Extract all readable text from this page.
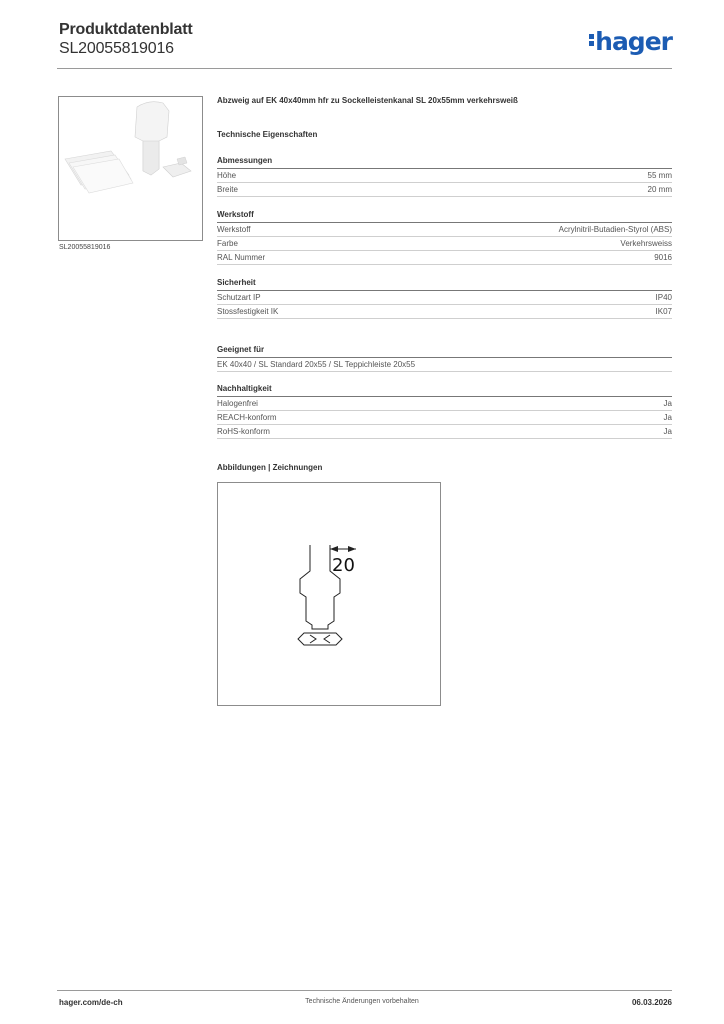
Produktdatenblatt
SL20055819016	hager
SL20055819016
Abzweig auf EK 40x40mm hfr zu Sockelleistenkanal SL 20x55mm verkehrsweiß
Technische Eigenschaften
Abmessungen
Höhe	55 mm
Breite	20 mm
Werkstoff
Werkstoff	Acrylnitril-Butadien-Styrol (ABS)
Farbe	Verkehrsweiss
RAL Nummer	9016
Sicherheit
Schutzart IP	IP40
Stossfestigkeit IK	IK07
Geeignet für
EK 40x40 / SL Standard 20x55 / SL Teppichleiste 20x55
Nachhaltigkeit
Halogenfrei	Ja
REACH-konform	Ja
RoHS-konform	Ja
Abbildungen | Zeichnungen
20
hager.com/de-ch	Technische Änderungen vorbehalten	06.03.2026
